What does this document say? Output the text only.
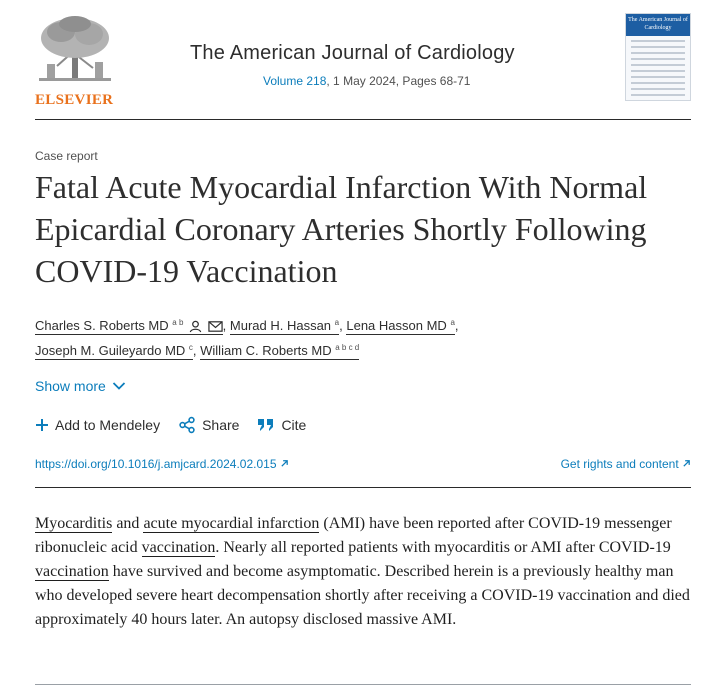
ELSEVIER
The American Journal of Cardiology
Volume 218, 1 May 2024, Pages 68-71
The American Journal of Cardiology
Case report
Fatal Acute Myocardial Infarction With Normal Epicardial Coronary Arteries Shortly Following COVID-19 Vaccination
Charles S. Roberts MD $^{a b}$	, Murad H. Hassan $^a$, Lena Hasson MD $^a$,
Joseph M. Guileyardo MD $^c$, William C. Roberts MD $^{a b c d}$
Show more
Add to Mendeley	Share	Cite
https://doi.org/10.1016/j.amjcard.2024.02.015	Get rights and content

Myocarditis and acute myocardial infarction (AMI) have been reported after COVID-19 messenger ribonucleic acid vaccination. Nearly all reported patients with myocarditis or AMI after COVID-19 vaccination have survived and become asymptomatic. Described herein is a previously healthy man who developed severe heart decompensation shortly after receiving a COVID-19 vaccination and died approximately 40 hours later. An autopsy disclosed massive AMI.
